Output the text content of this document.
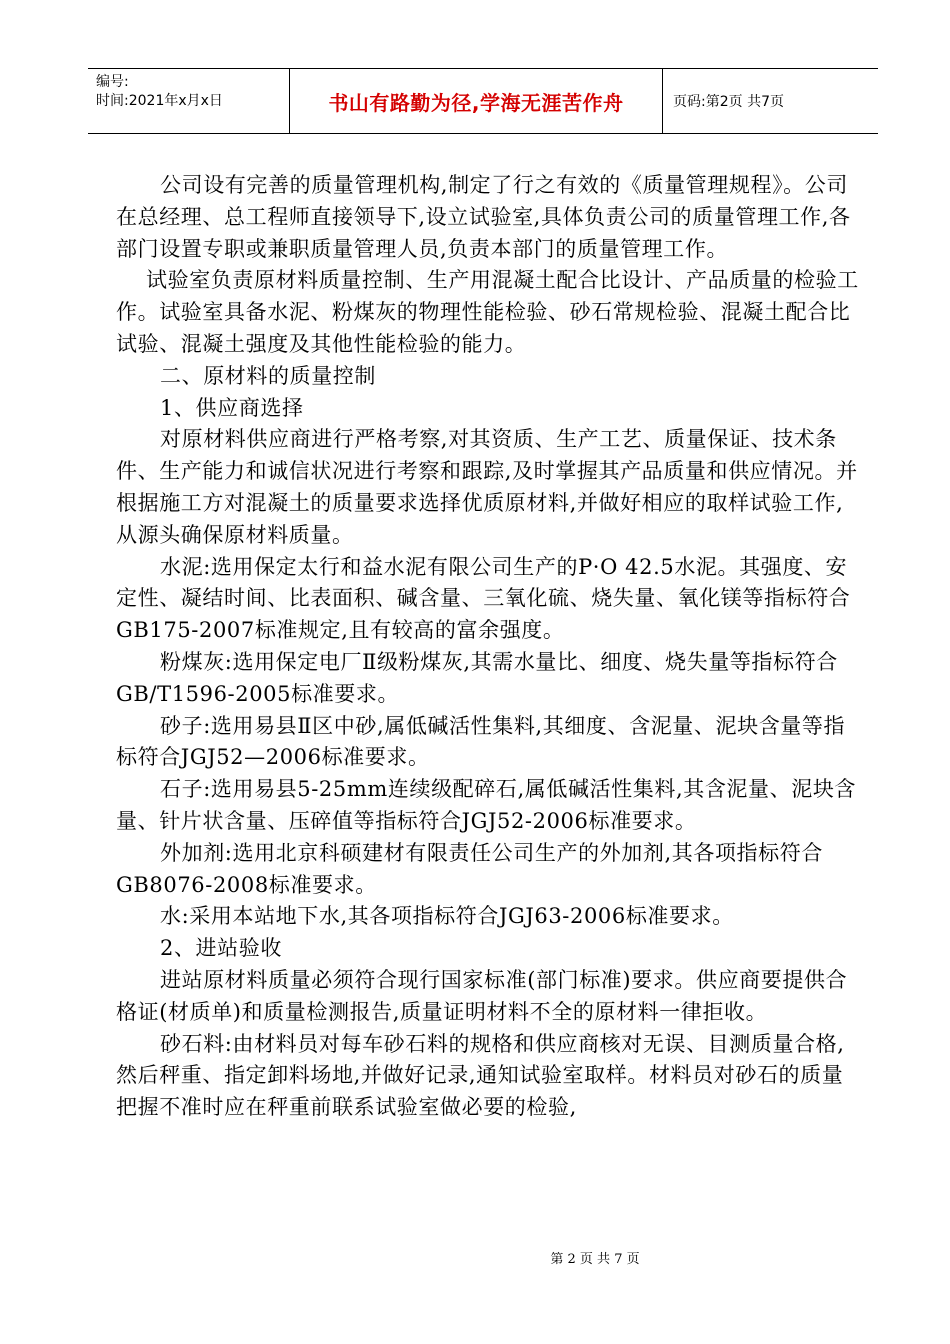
编号:
时间:2021年x月x日	书山有路勤为径,学海无涯苦作舟	页码:第2页 共7页

公司设有完善的质量管理机构,制定了行之有效的《质量管理规程》。公司在总经理、总工程师直接领导下,设立试验室,具体负责公司的质量管理工作,各部门设置专职或兼职质量管理人员,负责本部门的质量管理工作。

试验室负责原材料质量控制、生产用混凝土配合比设计、产品质量的检验工作。试验室具备水泥、粉煤灰的物理性能检验、砂石常规检验、混凝土配合比试验、混凝土强度及其他性能检验的能力。

二、原材料的质量控制

1、供应商选择

对原材料供应商进行严格考察,对其资质、生产工艺、质量保证、技术条件、生产能力和诚信状况进行考察和跟踪,及时掌握其产品质量和供应情况。并根据施工方对混凝土的质量要求选择优质原材料,并做好相应的取样试验工作,从源头确保原材料质量。

水泥:选用保定太行和益水泥有限公司生产的P·O 42.5水泥。其强度、安定性、凝结时间、比表面积、碱含量、三氧化硫、烧失量、氧化镁等指标符合GB175-2007标准规定,且有较高的富余强度。

粉煤灰:选用保定电厂Ⅱ级粉煤灰,其需水量比、细度、烧失量等指标符合GB/T1596-2005标准要求。

砂子:选用易县Ⅱ区中砂,属低碱活性集料,其细度、含泥量、泥块含量等指标符合JGJ52—2006标准要求。

石子:选用易县5-25mm连续级配碎石,属低碱活性集料,其含泥量、泥块含量、针片状含量、压碎值等指标符合JGJ52-2006标准要求。

外加剂:选用北京科硕建材有限责任公司生产的外加剂,其各项指标符合GB8076-2008标准要求。

水:采用本站地下水,其各项指标符合JGJ63-2006标准要求。

2、进站验收

进站原材料质量必须符合现行国家标准(部门标准)要求。供应商要提供合格证(材质单)和质量检测报告,质量证明材料不全的原材料一律拒收。

砂石料:由材料员对每车砂石料的规格和供应商核对无误、目测质量合格,然后秤重、指定卸料场地,并做好记录,通知试验室取样。材料员对砂石的质量把握不准时应在秤重前联系试验室做必要的检验,

第 2 页 共 7 页
